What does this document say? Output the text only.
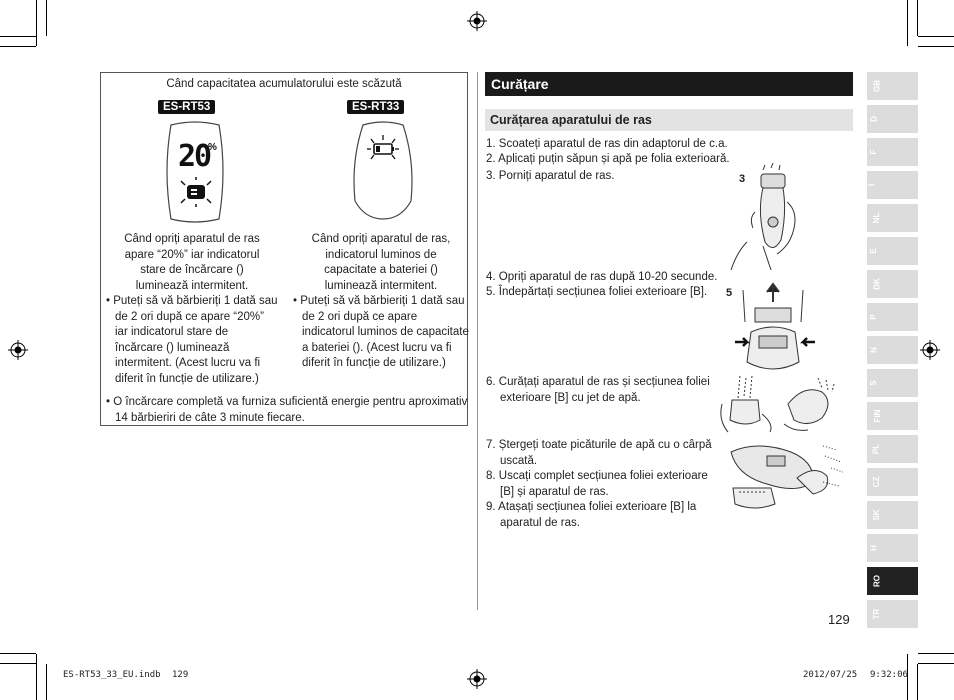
Când capacitatea acumulatorului este scăzută
ES-RT53	ES-RT33
20
%
Când opriți aparatul de ras apare “20%” iar indicatorul stare de încărcare () luminează intermitent.
• Puteți să vă bărbieriți 1 dată sau de 2 ori după ce apare “20%” iar indicatorul stare de încărcare () luminează intermitent. (Acest lucru va fi diferit în funcție de utilizare.)
Când opriți aparatul de ras, indicatorul luminos de capacitate a bateriei () luminează intermitent.
• Puteți să vă bărbieriți 1 dată sau de 2 ori după ce apare indicatorul luminos de capacitate a bateriei (). (Acest lucru va fi diferit în funcție de utilizare.)
• O încărcare completă va furniza suficientă energie pentru aproximativ 14 bărbieriri de câte 3 minute fiecare.
Curățare
Curățarea aparatului de ras
1. Scoateți aparatul de ras din adaptorul de c.a.
2. Aplicați puțin săpun și apă pe folia exterioară.
3. Porniți aparatul de ras.
4. Opriți aparatul de ras după 10-20 secunde.
5. Îndepărtați secțiunea foliei exterioare [B].
6. Curățați aparatul de ras și secțiunea foliei exterioare [B] cu jet de apă.
7. Ștergeți toate picăturile de apă cu o cârpă uscată.
8. Uscați complet secțiunea foliei exterioare [B] și aparatul de ras.
9. Atașați secțiunea foliei exterioare [B] la aparatul de ras.
3
5
129
GB
D
F
I
NL
E
DK
P
N
S
FIN
PL
CZ
SK
H
RO
TR
ES-RT53_33_EU.indb 129	2012/07/25 9:32:06
